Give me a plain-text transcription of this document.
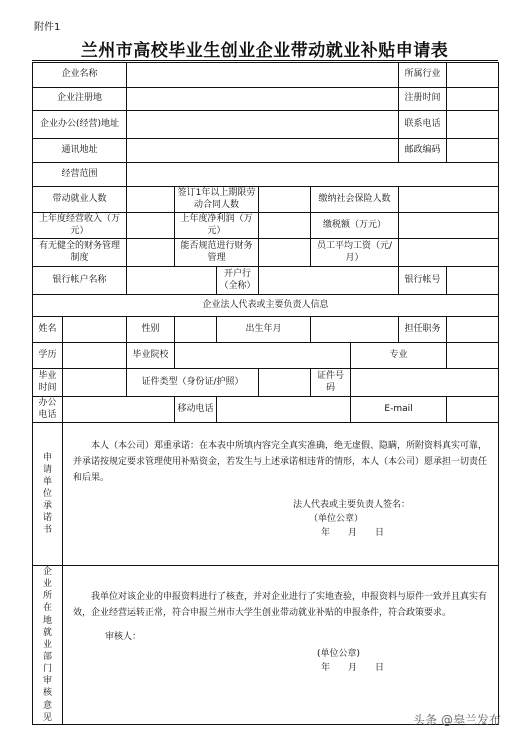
附件1
兰州市高校毕业生创业企业带动就业补贴申请表
企业名称								所属行业	
企业注册地								注册时间	
企业办公(经营)地址								联系电话	
通讯地址								邮政编码	
经营范围									
带动就业人数			签订1年以上期限劳动合同人数			缴纳社会保险人数			
上年度经营收入（万元）			上年度净利润（万元）			缴税额（万元）			
有无健全的财务管理制度			能否规范进行财务管理			员工平均工资（元/月）			
银行帐户名称				开户行（全称）				银行帐号	
企业法人代表或主要负责人信息									
姓名		性别		出生年月				担任职务	
学历		毕业院校					专业		
毕业时间		证件类型（身份证/护照）				证件号码			
办公电话			移动电话				E-mail		

申请单位承诺书	本人（本公司）郑重承诺：在本表中所填内容完全真实准确，绝无虚假、隐瞒，所附资料真实可靠，并承诺按规定要求管理使用补贴资金，若发生与上述承诺相违背的情形，本人（本公司）愿承担一切责任和后果。
法人代表或主要负责人签名：
（单位公章）
年　　月　　日								

企业所在地就业部门审核意见	我单位对该企业的申报资料进行了核查，并对企业进行了实地查验，申报资料与原件一致并且真实有效，企业经营运转正常，符合申报兰州市大学生创业带动就业补贴的申报条件，符合政策要求。
审核人：
(单位公章)
年　　月　　日								
头条 @皋兰发布
